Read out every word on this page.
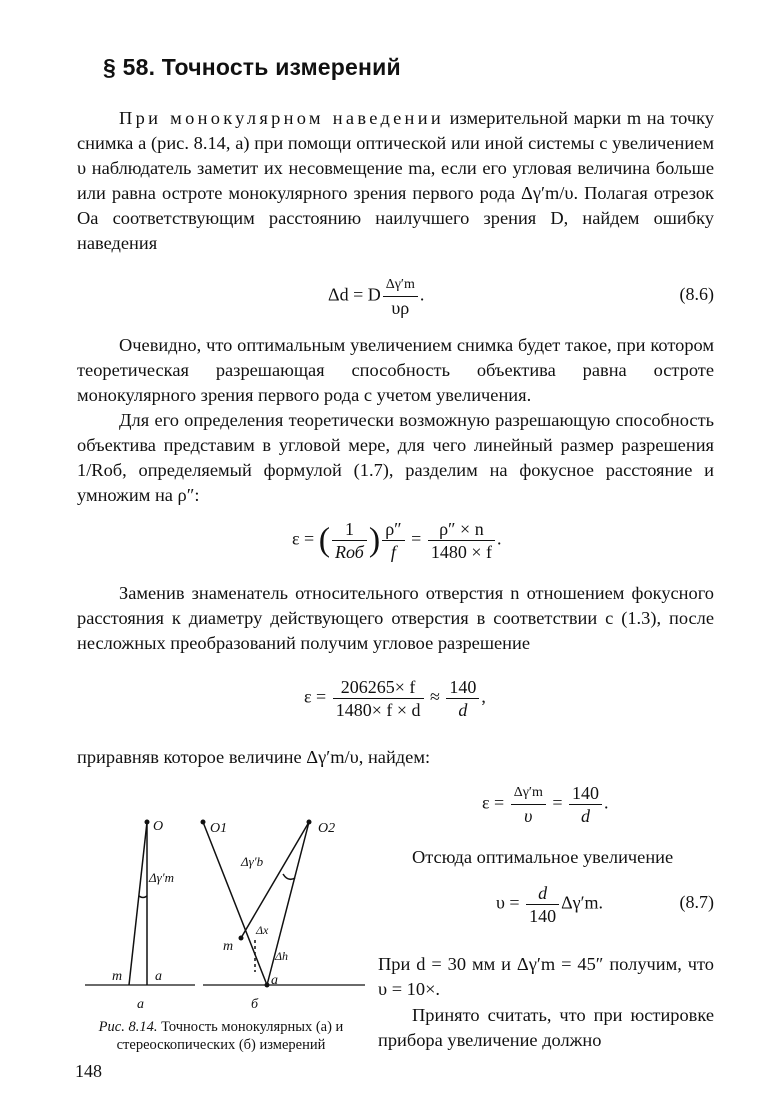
§ 58. Точность измерений

При монокулярном наведении измерительной марки m на точку снимка a (рис. 8.14, a) при помощи оптической или иной системы с увеличением υ наблюдатель заметит их несовмещение ma, если его угловая величина больше или равна остроте монокулярного зрения первого рода Δγ′m/υ. Полагая отрезок Oa соответствующим расстоянию наилучшего зрения D, найдем ошибку наведения

Δd = D $\frac{\Delta\gamma'm}{\upsilon\rho}$ .	(8.6)

Очевидно, что оптимальным увеличением снимка будет такое, при котором теоретическая разрешающая способность объектива равна остроте монокулярного зрения первого рода с учетом увеличения.

Для его определения теоретически возможную разрешающую способность объектива представим в угловой мере, для чего линейный размер разрешения 1/Rоб, определяемый формулой (1.7), разделим на фокусное расстояние и умножим на ρ″:

ε = ( $\frac{1}{\text{Rоб}}$ ) $\frac{\rho''}{f} = \frac{\rho'' \times n}{1480 \times f}$ .

Заменив знаменатель относительного отверстия n отношением фокусного расстояния к диаметру действующего отверстия в соответствии с (1.3), после несложных преобразований получим угловое разрешение

$\varepsilon = \frac{206265\times f}{1480\times f \times d} \approx \frac{140}{d}$ ,

приравняв которое величине Δγ′m/υ, найдем:

$\varepsilon = \frac{\Delta\gamma'm}{\upsilon} = \frac{140}{d}$ .

Отсюда оптимальное увеличение

$\upsilon = \frac{d}{140} \Delta\gamma'm$.	(8.7)

При d = 30 мм и Δγ′m = 45″ получим, что υ = 10×.

Принято считать, что при юстировке прибора увеличение должно

O	O1	O2
Δγ′m
Δγ′b
m a
m
a
Δx
Δh
а	б

Рис. 8.14. Точность монокулярных (а) и стереоскопических (б) измерений

148
